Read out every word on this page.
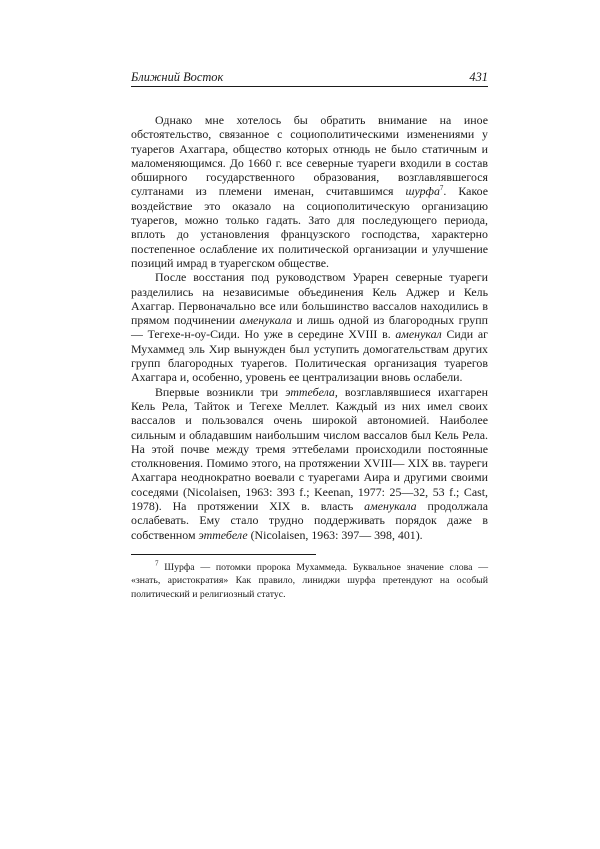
Ближний Восток	431

Однако мне хотелось бы обратить внимание на иное обстоятельство, связанное с социополитическими изменениями у туарегов Ахаггара, общество которых отнюдь не было статичным и маломеняющимся. До 1660 г. все северные туареги входили в состав обширного государственного образования, возглавлявшегося султанами из племени именан, считавшимся шурфа$^7$. Какое воздействие это оказало на социополитическую организацию туарегов, можно только гадать. Зато для последующего периода, вплоть до установления французского господства, характерно постепенное ослабление их политической организации и улучшение позиций имрад в туарегском обществе.

После восстания под руководством Урарен северные туареги разделились на независимые объединения Кель Аджер и Кель Ахаггар. Первоначально все или большинство вассалов находились в прямом подчинении аменукала и лишь одной из благородных групп — Тегехе-н-оу-Сиди. Но уже в середине XVIII в. аменукал Сиди аг Мухаммед эль Хир вынужден был уступить домогательствам других групп благородных туарегов. Политическая организация туарегов Ахаггара и, особенно, уровень ее централизации вновь ослабели.

Впервые возникли три эттебела, возглавлявшиеся ихаггарен Кель Рела, Тайток и Тегехе Меллет. Каждый из них имел своих вассалов и пользовался очень широкой автономией. Наиболее сильным и обладавшим наибольшим числом вассалов был Кель Рела. На этой почве между тремя эттебелами происходили постоянные столкновения. Помимо этого, на протяжении XVIII— XIX вв. тауреги Ахаггара неоднократно воевали с туарегами Аира и другими своими соседями (Nicolaisen, 1963: 393 f.; Keenan, 1977: 25—32, 53 f.; Cast, 1978). На протяжении XIX в. власть аменукала продолжала ослабевать. Ему стало трудно поддерживать порядок даже в собственном эттебеле (Nicolaisen, 1963: 397— 398, 401).

$^7$ Шурфа — потомки пророка Мухаммеда. Буквальное значение слова — «знать, аристократия» Как правило, линиджи шурфа претендуют на особый политический и религиозный статус.
